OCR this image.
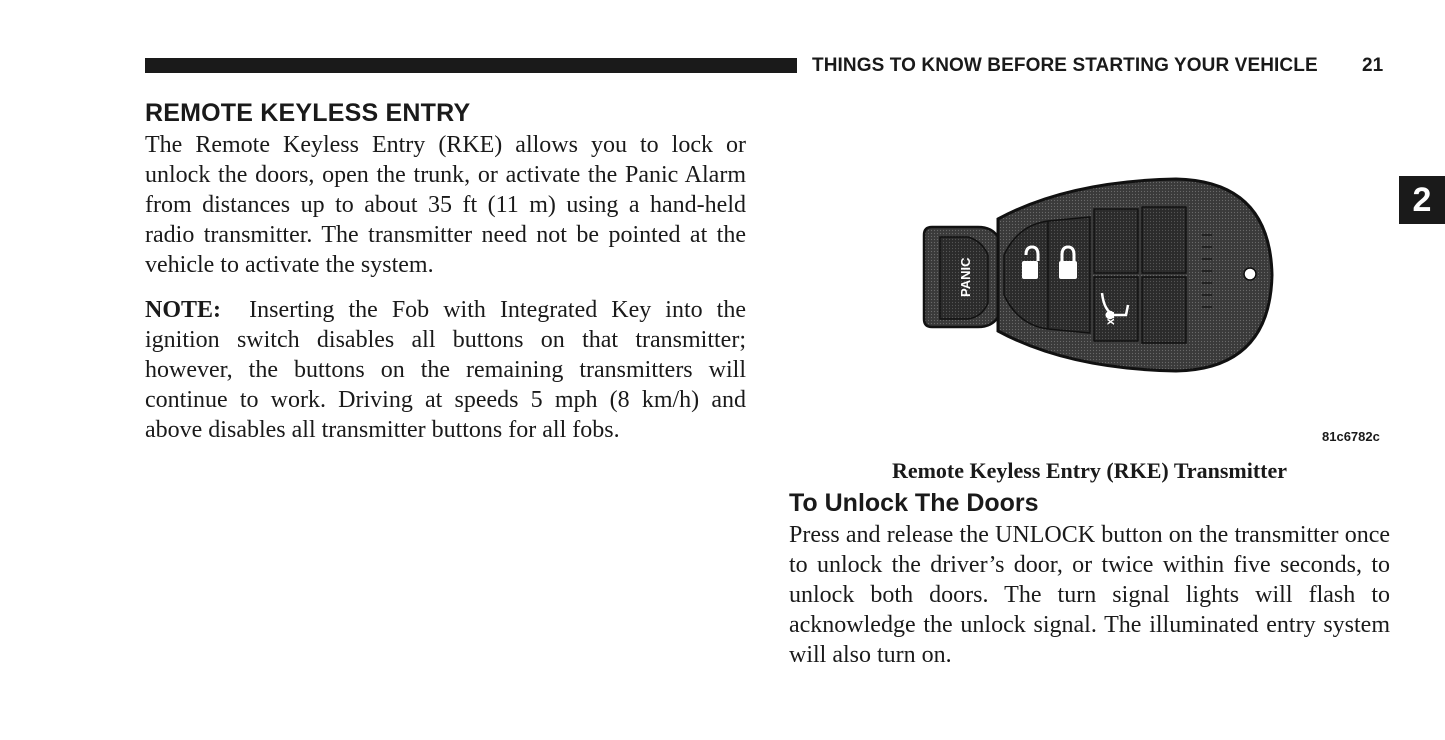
THINGS TO KNOW BEFORE STARTING YOUR VEHICLE	21
2
REMOTE KEYLESS ENTRY
The Remote Keyless Entry (RKE) allows you to lock or unlock the doors, open the trunk, or activate the Panic Alarm from distances up to about 35 ft (11 m) using a hand-held radio transmitter. The transmitter need not be pointed at the vehicle to activate the system.
NOTE: Inserting the Fob with Integrated Key into the ignition switch disables all buttons on that transmitter; however, the buttons on the remaining transmitters will continue to work. Driving at speeds 5 mph (8 km/h) and above disables all transmitter buttons for all fobs.
x2
PANIC
81c6782c
Remote Keyless Entry (RKE) Transmitter
To Unlock The Doors
Press and release the UNLOCK button on the transmitter once to unlock the driver’s door, or twice within five seconds, to unlock both doors. The turn signal lights will flash to acknowledge the unlock signal. The illuminated entry system will also turn on.
